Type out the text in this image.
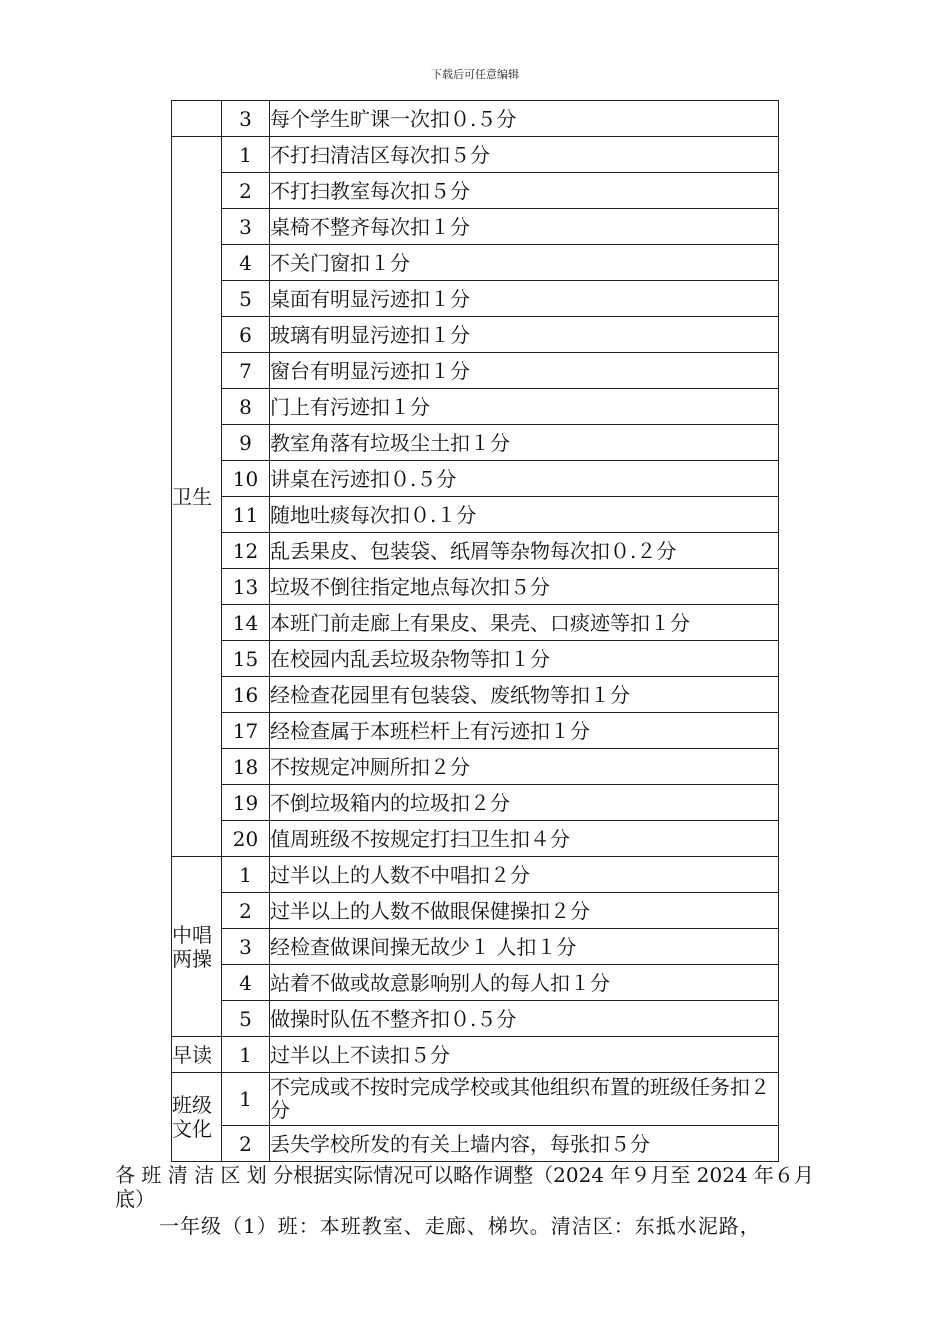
下载后可任意编辑
	3	每个学生旷课一次扣０.５分
卫生	1	不打扫清洁区每次扣５分
	2	不打扫教室每次扣５分
	3	桌椅不整齐每次扣１分
	4	不关门窗扣１分
	5	桌面有明显污迹扣１分
	6	玻璃有明显污迹扣１分
	7	窗台有明显污迹扣１分
	8	门上有污迹扣１分
	9	教室角落有垃圾尘土扣１分
	10	讲桌在污迹扣０.５分
	11	随地吐痰每次扣０.１分
	12	乱丢果皮、包装袋、纸屑等杂物每次扣０.２分
	13	垃圾不倒往指定地点每次扣５分
	14	本班门前走廊上有果皮、果壳、口痰迹等扣１分
	15	在校园内乱丢垃圾杂物等扣１分
	16	经检查花园里有包装袋、废纸物等扣１分
	17	经检查属于本班栏杆上有污迹扣１分
	18	不按规定冲厕所扣２分
	19	不倒垃圾箱内的垃圾扣２分
	20	值周班级不按规定打扫卫生扣４分
中唱两操	1	过半以上的人数不中唱扣２分
	2	过半以上的人数不做眼保健操扣２分
	3	经检查做课间操无故少１ 人扣１分
	4	站着不做或故意影响别人的每人扣１分
	5	做操时队伍不整齐扣０.５分
早读	1	过半以上不读扣５分
班级文化	1	不完成或不按时完成学校或其他组织布置的班级任务扣２分
	2	丢失学校所发的有关上墙内容，每张扣５分
各 班 清 洁 区 划 分根据实际情况可以略作调整（2024 年９月至 2024 年６月底）
一年级（1）班：本班教室、走廊、梯坎。清洁区：东抵水泥路，
